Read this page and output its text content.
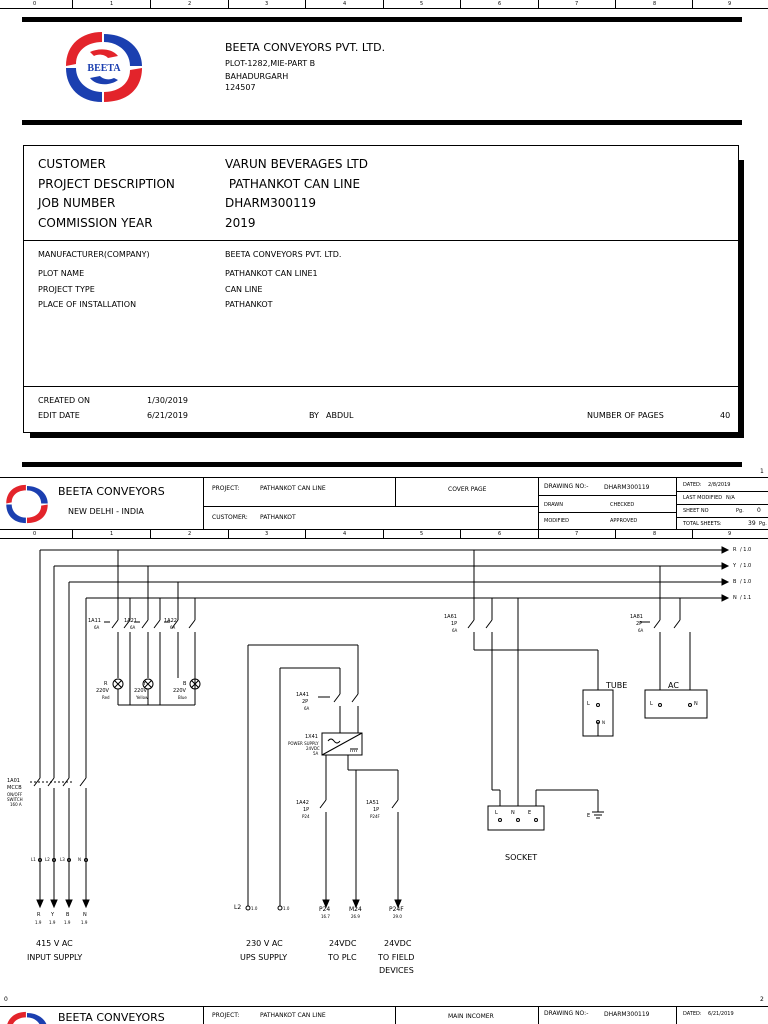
0	1	2	3	4	5	6	7	8	9
BEETA
BEETA CONVEYORS PVT. LTD.
PLOT-1282,MIE-PART B
BAHADURGARH
124507
CUSTOMER	VARUN BEVERAGES LTD
PROJECT DESCRIPTION	PATHANKOT CAN LINE
JOB NUMBER	DHARM300119
COMMISSION YEAR	2019
MANUFACTURER(COMPANY)	BEETA CONVEYORS PVT. LTD.
PLOT NAME	PATHANKOT CAN LINE1
PROJECT TYPE	CAN LINE
PLACE OF INSTALLATION	PATHANKOT
CREATED ON	1/30/2019
EDIT DATE	6/21/2019	BY ABDUL	NUMBER OF PAGES	40
1
BEETA CONVEYORS
NEW DELHI - INDIA
PROJECT:	PATHANKOT CAN LINE
CUSTOMER: PATHANKOT
COVER PAGE	DRAWING NO:-	DHARM300119
DRAWN	CHECKED
MODIFIED	APPROVED
DATED: 2/8/2019
LAST MODIFIED N/A
SHEET NO	Pg. 0
TOTAL SHEETS:	39 Pg.
0	1	2	3	4	5	6	7	8	9
R / 1.0
Y / 1.0
B / 1.0
N / 1.1
1A01
MCCB
ON/OFF
SWITCH
160 A
L1 L2	L3	N
1A11
6A
1A21
6A
1A22
6A
R
220V
Red
Y
220V
Yellow
B
220V
Blue	1A41
2P
6A
1X41
POWER SUPPLY
24VDC
5A
1A42
1P
P24
1A51
1P
P24F
1A61
1P
6A
1A81
2P
6A
TUBE	AC
L
N
L	N
L	N	E	E
SOCKET
R Y B	N
1.9 1.9 1.9	1.9
L2 1.0	1.0	P24
16.7
M24
26.9
P24F
29.0
415 V AC
INPUT SUPPLY
230 V AC
UPS SUPPLY
24VDC
TO PLC
24VDC
TO FIELD
DEVICES
0	2
BEETA CONVEYORS	PROJECT:	PATHANKOT CAN LINE	MAIN INCOMER	DRAWING NO:-	DHARM300119	DATED: 6/21/2019
